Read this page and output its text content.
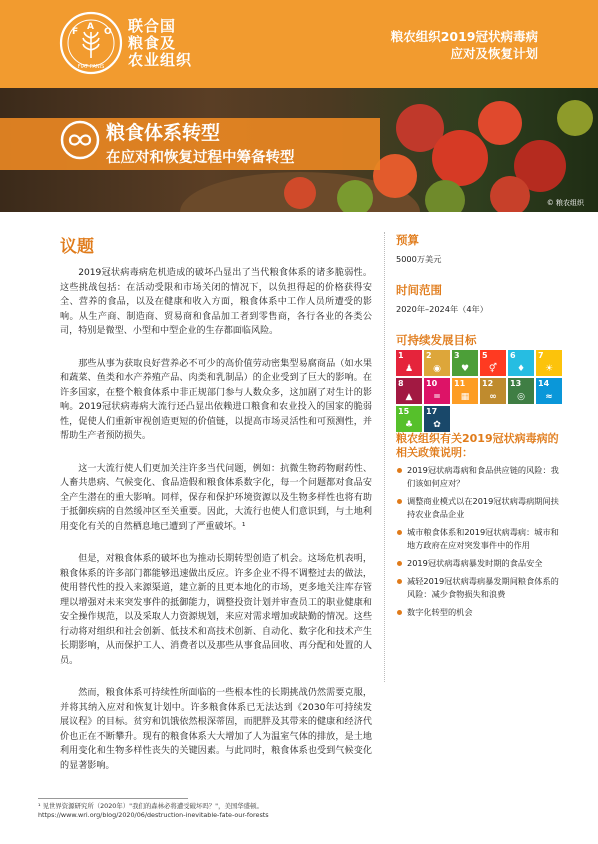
F	O
A
FIAT PANIS
联合国
粮食及
农业组织
粮农组织2019冠状病毒病
应对及恢复计划
粮食体系转型
在应对和恢复过程中筹备转型
© 粮农组织
议题

2019冠状病毒病危机造成的破坏凸显出了当代粮食体系的诸多脆弱性。这些挑战包括：在活动受限和市场关闭的情况下，以负担得起的价格获得安全、营养的食品，以及在健康和收入方面，粮食体系中工作人员所遭受的影响。从生产商、制造商、贸易商和食品加工者到零售商，各行各业的各类公司，特别是微型、小型和中型企业的生存都面临风险。

那些从事为获取良好营养必不可少的高价值劳动密集型易腐商品（如水果和蔬菜、鱼类和水产养殖产品、肉类和乳制品）的企业受到了巨大的影响。在许多国家，在整个粮食体系中非正规部门参与人数众多，这加剧了对生计的影响。2019冠状病毒病大流行还凸显出依赖进口粮食和农业投入的国家的脆弱性，促使人们重新审视创造更短的价值链，以提高市场灵活性和可预测性，并帮助生产者预防损失。

这一大流行使人们更加关注许多当代问题，例如：抗微生物药物耐药性、人畜共患病、气候变化、食品造假和粮食体系数字化，每一个问题都对食品安全产生潜在的重大影响。同样，保存和保护环境资源以及生物多样性也将有助于抵御疾病的自然缓冲区至关重要。因此，大流行也使人们意识到，与土地利用变化有关的自然栖息地已遭到了严重破坏。¹

但是，对粮食体系的破坏也为推动长期转型创造了机会。这场危机表明，粮食体系的许多部门都能够迅速做出反应。许多企业不得不调整过去的做法，使用替代性的投入来源渠道，建立新的且更本地化的市场，更多地关注库存管理以增强对未来突发事件的抵御能力，调整投资计划并审查员工的职业健康和安全操作规范，以及采取人力资源规划，来应对需求增加或缺勤的情况。这些行动将对组织和社会创新、低技术和高技术创新、自动化、数字化和技术产生长期影响，从而保护工人、消费者以及那些从事食品回收、再分配和处置的人员。

然而，粮食体系可持续性所面临的一些根本性的长期挑战仍然需要克服，并将其纳入应对和恢复计划中。许多粮食体系已无法达到《2030年可持续发展议程》的目标。贫穷和饥饿依然根深蒂固，而肥胖及其带来的健康和经济代价也正在不断攀升。现有的粮食体系大大增加了人为温室气体的排放，是土地利用变化和生物多样性丧失的关键因素。与此同时，粮食体系也受到气候变化的显著影响。

¹ 见世界资源研究所（2020年）"我们的森林必将遭受破坏吗？"，美国华盛顿。https://www.wri.org/blog/2020/06/destruction-inevitable-fate-our-forests
预算
5000万美元
时间范围
2020年–2024年（4年）
可持续发展目标
1
♟
2
◉
3
♥
5
⚥
6
♦
7
☀
8
▲
10
=
11
▦
12
∞
13
◎
14
≈
15
♣
17
✿
粮农组织有关2019冠状病毒病的相关政策说明：
2019冠状病毒病和食品供应链的风险：我们该如何应对？
调整商业模式以在2019冠状病毒病期间扶持农业食品企业
城市粮食体系和2019冠状病毒病：城市和地方政府在应对突发事件中的作用
2019冠状病毒病暴发时期的食品安全
减轻2019冠状病毒病暴发期间粮食体系的风险：减少食物损失和浪费
数字化转型的机会
